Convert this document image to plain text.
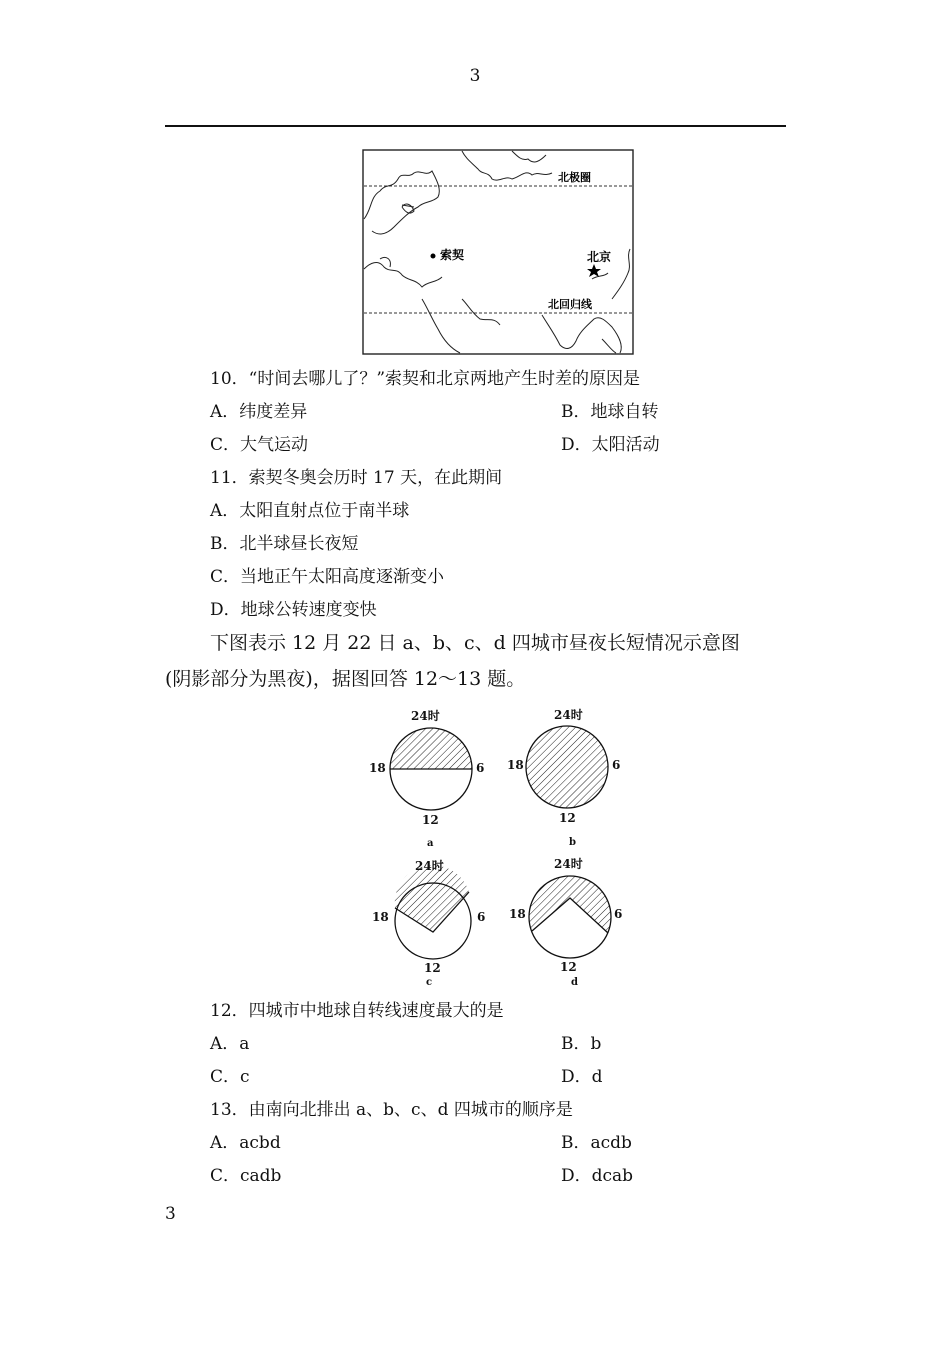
3
北极圈
北回归线
索契	北京
10．“时间去哪儿了？”索契和北京两地产生时差的原因是
A．纬度差异	B．地球自转
C．大气运动	D．太阳活动
11．索契冬奥会历时 17 天，在此期间
A．太阳直射点位于南半球
B．北半球昼长夜短
C．当地正午太阳高度逐渐变小
D．地球公转速度变快
下图表示 12 月 22 日 a、b、c、d 四城市昼夜长短情况示意图
(阴影部分为黑夜)，据图回答 12～13 题。
24时
18	6
12
a
24时
18	6
12
b
24时
18	6
12
c
24时
18	6
12
d
12．四城市中地球自转线速度最大的是
A．a	B．b
C．c	D．d
13．由南向北排出 a、b、c、d 四城市的顺序是
A．acbd	B．acdb
C．cadb	D．dcab
3
